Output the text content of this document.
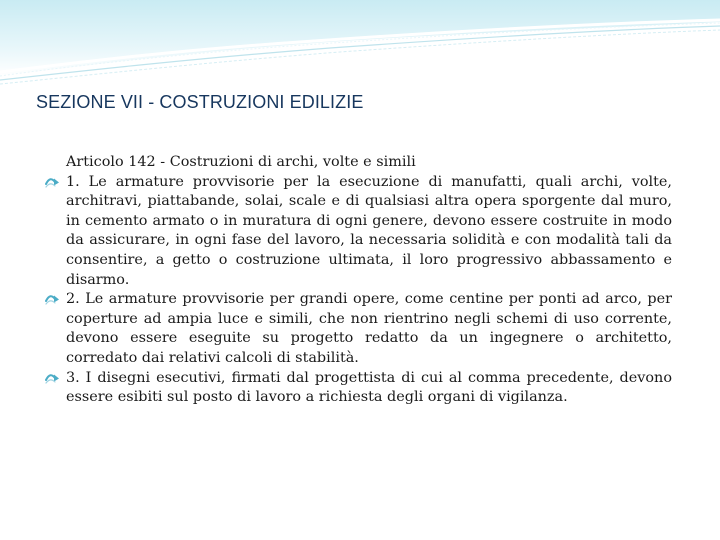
SEZIONE VII - COSTRUZIONI EDILIZIE
Articolo 142 - Costruzioni di archi, volte e simili
1. Le armature provvisorie per la esecuzione di manufatti, quali archi, volte, architravi, piattabande, solai, scale e di qualsiasi altra opera sporgente dal muro, in cemento armato o in muratura di ogni genere, devono essere costruite in modo da assicurare, in ogni fase del lavoro, la necessaria solidità e con modalità tali da consentire, a getto o costruzione ultimata, il loro progressivo abbassamento e disarmo.
2. Le armature provvisorie per grandi opere, come centine per ponti ad arco, per coperture ad ampia luce e simili, che non rientrino negli schemi di uso corrente, devono essere eseguite su progetto redatto da un ingegnere o architetto, corredato dai relativi calcoli di stabilità.
3. I disegni esecutivi, firmati dal progettista di cui al comma precedente, devono essere esibiti sul posto di lavoro a richiesta degli organi di vigilanza.
